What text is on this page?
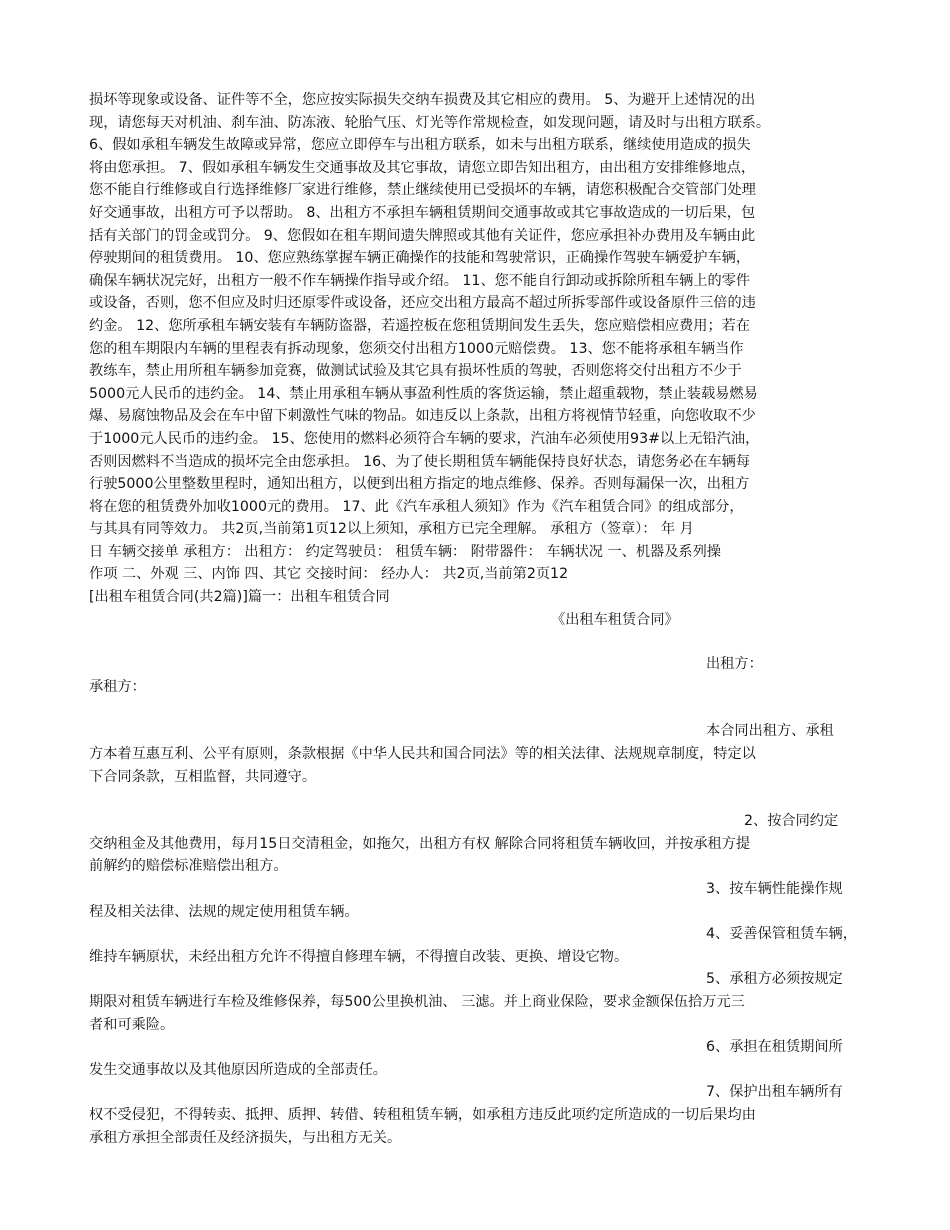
损坏等现象或设备、证件等不全，您应按实际损失交纳车损费及其它相应的费用。 5、为避开上述情况的出
现，请您每天对机油、刹车油、防冻液、轮胎气压、灯光等作常规检查，如发现问题，请及时与出租方联系。
6、假如承租车辆发生故障或异常，您应立即停车与出租方联系，如未与出租方联系，继续使用造成的损失
将由您承担。 7、假如承租车辆发生交通事故及其它事故，请您立即告知出租方，由出租方安排维修地点，
您不能自行维修或自行选择维修厂家进行维修，禁止继续使用已受损坏的车辆，请您积极配合交管部门处理
好交通事故，出租方可予以帮助。 8、出租方不承担车辆租赁期间交通事故或其它事故造成的一切后果，包
括有关部门的罚金或罚分。 9、您假如在租车期间遗失牌照或其他有关证件，您应承担补办费用及车辆由此
停驶期间的租赁费用。 10、您应熟练掌握车辆正确操作的技能和驾驶常识，正确操作驾驶车辆爱护车辆，
确保车辆状况完好，出租方一般不作车辆操作指导或介绍。 11、您不能自行卸动或拆除所租车辆上的零件
或设备，否则，您不但应及时归还原零件或设备，还应交出租方最高不超过所拆零部件或设备原件三倍的违
约金。 12、您所承租车辆安装有车辆防盗器，若遥控板在您租赁期间发生丢失，您应赔偿相应费用；若在
您的租车期限内车辆的里程表有拆动现象，您须交付出租方1000元赔偿费。 13、您不能将承租车辆当作
教练车，禁止用所租车辆参加竞赛，做测试试验及其它具有损坏性质的驾驶，否则您将交付出租方不少于
5000元人民币的违约金。 14、禁止用承租车辆从事盈利性质的客货运输，禁止超重载物，禁止装载易燃易
爆、易腐蚀物品及会在车中留下刺激性气味的物品。如违反以上条款，出租方将视情节轻重，向您收取不少
于1000元人民币的违约金。 15、您使用的燃料必须符合车辆的要求，汽油车必须使用93#以上无铅汽油，
否则因燃料不当造成的损坏完全由您承担。 16、为了使长期租赁车辆能保持良好状态，请您务必在车辆每
行驶5000公里整数里程时，通知出租方，以便到出租方指定的地点维修、保养。否则每漏保一次，出租方
将在您的租赁费外加收1000元的费用。 17、此《汽车承租人须知》作为《汽车租赁合同》的组成部分，
与其具有同等效力。 共2页,当前第1页12以上须知，承租方已完全理解。 承租方（签章）： 年 月
日 车辆交接单 承租方： 出租方： 约定驾驶员： 租赁车辆： 附带器件： 车辆状况 一、机器及系列操
作项 二、外观 三、内饰 四、其它 交接时间： 经办人： 共2页,当前第2页12
[出租车租赁合同(共2篇)]篇一：出租车租赁合同
《出租车租赁合同》
出租方：
承租方：
本合同出租方、承租
方本着互惠互利、公平有原则，条款根据《中华人民共和国合同法》等的相关法律、法规规章制度，特定以
下合同条款，互相监督，共同遵守。
2、按合同约定
交纳租金及其他费用，每月15日交清租金，如拖欠，出租方有权 解除合同将租赁车辆收回，并按承租方提
前解约的赔偿标准赔偿出租方。
3、按车辆性能操作规
程及相关法律、法规的规定使用租赁车辆。
4、妥善保管租赁车辆，
维持车辆原状，未经出租方允许不得擅自修理车辆，不得擅自改装、更换、增设它物。
5、承租方必须按规定
期限对租赁车辆进行车检及维修保养，每500公里换机油、 三滤。并上商业保险，要求金额保伍拾万元三
者和可乘险。
6、承担在租赁期间所
发生交通事故以及其他原因所造成的全部责任。
7、保护出租车辆所有
权不受侵犯，不得转卖、抵押、质押、转借、转租租赁车辆，如承租方违反此项约定所造成的一切后果均由
承租方承担全部责任及经济损失，与出租方无关。
